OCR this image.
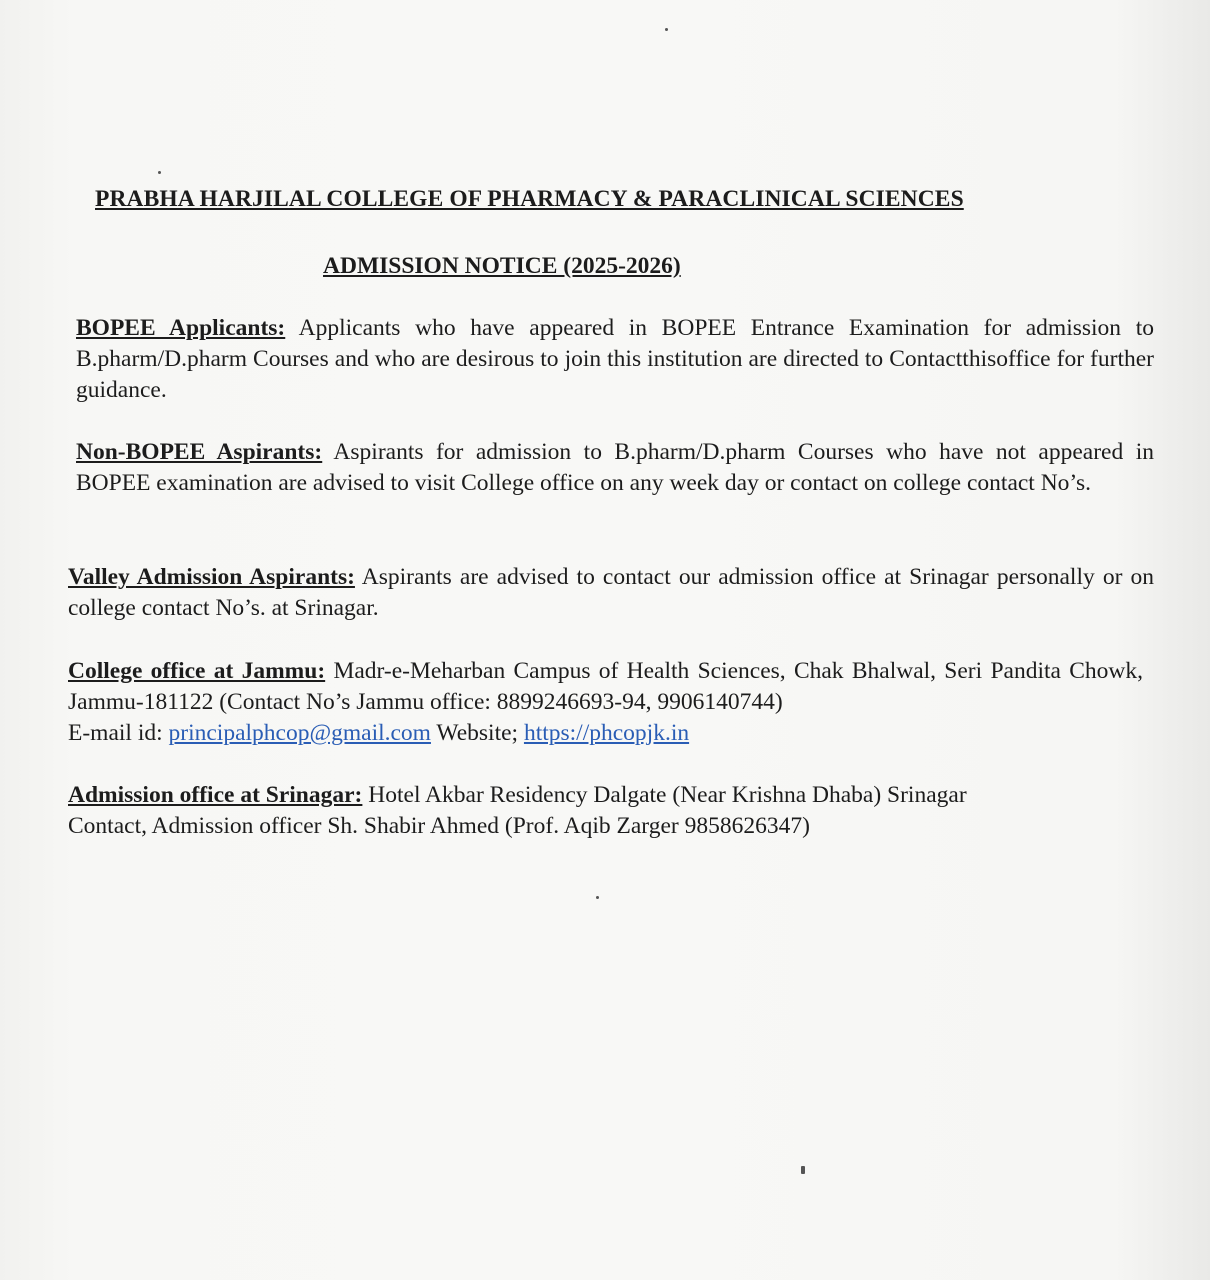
PRABHA HARJILAL COLLEGE OF PHARMACY & PARACLINICAL SCIENCES
ADMISSION NOTICE (2025-2026)
BOPEE Applicants: Applicants who have appeared in BOPEE Entrance Examination for admission to B.pharm/D.pharm Courses and who are desirous to join this institution are directed to Contactthisoffice for further guidance.
Non-BOPEE Aspirants: Aspirants for admission to B.pharm/D.pharm Courses who have not appeared in BOPEE examination are advised to visit College office on any week day or contact on college contact No’s.
Valley Admission Aspirants: Aspirants are advised to contact our admission office at Srinagar personally or on college contact No’s. at Srinagar.
College office at Jammu: Madr-e-Meharban Campus of Health Sciences, Chak Bhalwal, Seri Pandita Chowk, Jammu-181122 (Contact No’s Jammu office: 8899246693-94, 9906140744)
E-mail id: principalphcop@gmail.com Website; https://phcopjk.in
Admission office at Srinagar: Hotel Akbar Residency Dalgate (Near Krishna Dhaba) Srinagar
Contact, Admission officer Sh. Shabir Ahmed (Prof. Aqib Zarger 9858626347)
